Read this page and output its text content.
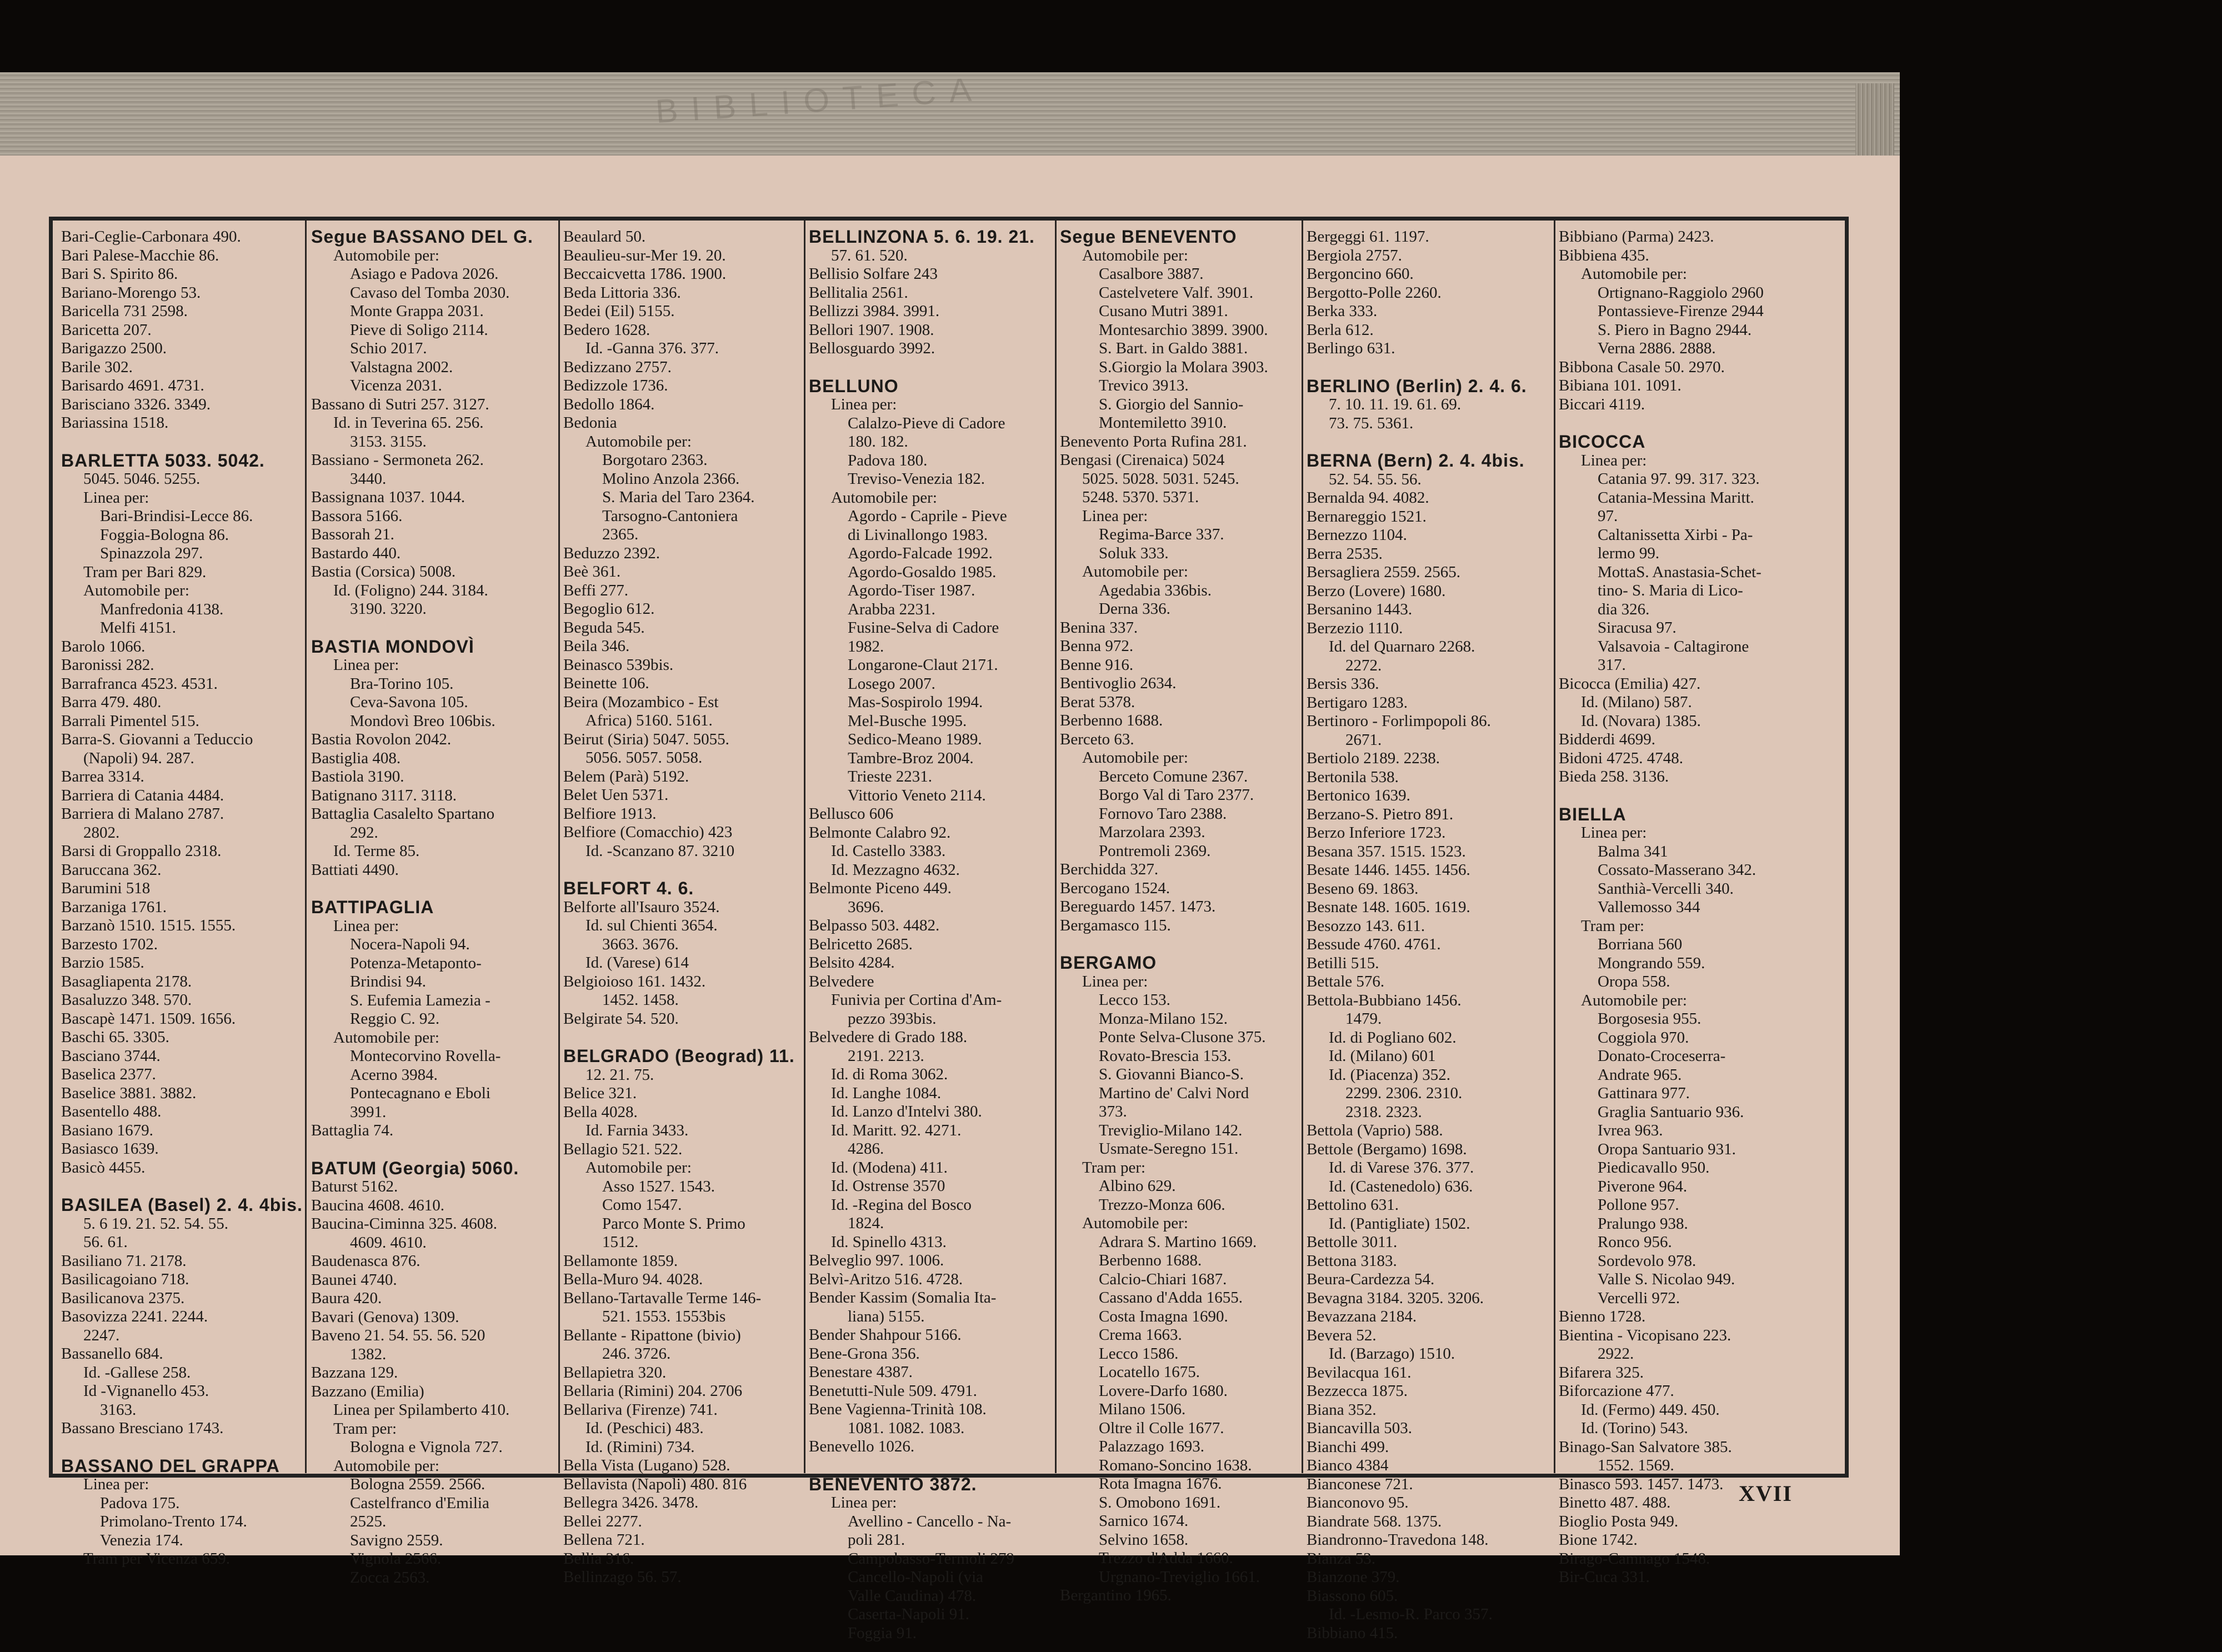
BIBLIOTECA
Bari-Ceglie-Carbonara 490.
Bari Palese-Macchie 86.
Bari S. Spirito 86.
Bariano-Morengo 53.
Baricella 731 2598.
Baricetta 207.
Barigazzo 2500.
Barile 302.
Barisardo 4691. 4731.
Barisciano 3326. 3349.
Bariassina 1518.
BARLETTA 5033. 5042.
5045. 5046. 5255.
Linea per:
Bari-Brindisi-Lecce 86.
Foggia-Bologna 86.
Spinazzola 297.
Tram per Bari 829.
Automobile per:
Manfredonia 4138.
Melfi 4151.
Barolo 1066.
Baronissi 282.
Barrafranca 4523. 4531.
Barra 479. 480.
Barrali Pimentel 515.
Barra-S. Giovanni a Teduccio
(Napoli) 94. 287.
Barrea 3314.
Barriera di Catania 4484.
Barriera di Malano 2787.
2802.
Barsi di Groppallo 2318.
Baruccana 362.
Barumini 518
Barzaniga 1761.
Barzanò 1510. 1515. 1555.
Barzesto 1702.
Barzio 1585.
Basagliapenta 2178.
Basaluzzo 348. 570.
Bascapè 1471. 1509. 1656.
Baschi 65. 3305.
Basciano 3744.
Baselica 2377.
Baselice 3881. 3882.
Basentello 488.
Basiano 1679.
Basiasco 1639.
Basicò 4455.
BASILEA (Basel) 2. 4. 4bis.
5. 6 19. 21. 52. 54. 55.
56. 61.
Basiliano 71. 2178.
Basilicagoiano 718.
Basilicanova 2375.
Basovizza 2241. 2244.
2247.
Bassanello 684.
Id. -Gallese 258.
Id -Vignanello 453.
3163.
Bassano Bresciano 1743.
BASSANO DEL GRAPPA
Linea per:
Padova 175.
Primolano-Trento 174.
Venezia 174.
Tram per Vicenza 659.
Segue BASSANO DEL G.
Automobile per:
Asiago e Padova 2026.
Cavaso del Tomba 2030.
Monte Grappa 2031.
Pieve di Soligo 2114.
Schio 2017.
Valstagna 2002.
Vicenza 2031.
Bassano di Sutri 257. 3127.
Id. in Teverina 65. 256.
3153. 3155.
Bassiano - Sermoneta 262.
3440.
Bassignana 1037. 1044.
Bassora 5166.
Bassorah 21.
Bastardo 440.
Bastia (Corsica) 5008.
Id. (Foligno) 244. 3184.
3190. 3220.
BASTIA MONDOVÌ
Linea per:
Bra-Torino 105.
Ceva-Savona 105.
Mondovì Breo 106bis.
Bastia Rovolon 2042.
Bastiglia 408.
Bastiola 3190.
Batignano 3117. 3118.
Battaglia Casalelto Spartano
292.
Id. Terme 85.
Battiati 4490.
BATTIPAGLIA
Linea per:
Nocera-Napoli 94.
Potenza-Metaponto-
Brindisi 94.
S. Eufemia Lamezia -
Reggio C. 92.
Automobile per:
Montecorvino Rovella-
Acerno 3984.
Pontecagnano e Eboli
3991.
Battaglia 74.
BATUM (Georgia) 5060.
Baturst 5162.
Baucina 4608. 4610.
Baucina-Ciminna 325. 4608.
4609. 4610.
Baudenasca 876.
Baunei 4740.
Baura 420.
Bavari (Genova) 1309.
Baveno 21. 54. 55. 56. 520
1382.
Bazzana 129.
Bazzano (Emilia)
Linea per Spilamberto 410.
Tram per:
Bologna e Vignola 727.
Automobile per:
Bologna 2559. 2566.
Castelfranco d'Emilia
2525.
Savigno 2559.
Vignola 2566.
Zocca 2563.
Beaulard 50.
Beaulieu-sur-Mer 19. 20.
Beccaicvetta 1786. 1900.
Beda Littoria 336.
Bedei (Eil) 5155.
Bedero 1628.
Id. -Ganna 376. 377.
Bedizzano 2757.
Bedizzole 1736.
Bedollo 1864.
Bedonia
Automobile per:
Borgotaro 2363.
Molino Anzola 2366.
S. Maria del Taro 2364.
Tarsogno-Cantoniera
2365.
Beduzzo 2392.
Beè 361.
Beffi 277.
Begoglio 612.
Beguda 545.
Beila 346.
Beinasco 539bis.
Beinette 106.
Beira (Mozambico - Est
Africa) 5160. 5161.
Beirut (Siria) 5047. 5055.
5056. 5057. 5058.
Belem (Parà) 5192.
Belet Uen 5371.
Belfiore 1913.
Belfiore (Comacchio) 423
Id. -Scanzano 87. 3210
BELFORT 4. 6.
Belforte all'Isauro 3524.
Id. sul Chienti 3654.
3663. 3676.
Id. (Varese) 614
Belgioioso 161. 1432.
1452. 1458.
Belgirate 54. 520.
BELGRADO (Beograd) 11.
12. 21. 75.
Belice 321.
Bella 4028.
Id. Farnia 3433.
Bellagio 521. 522.
Automobile per:
Asso 1527. 1543.
Como 1547.
Parco Monte S. Primo
1512.
Bellamonte 1859.
Bella-Muro 94. 4028.
Bellano-Tartavalle Terme 146-
521. 1553. 1553bis
Bellante - Ripattone (bivio)
246. 3726.
Bellapietra 320.
Bellaria (Rimini) 204. 2706
Bellariva (Firenze) 741.
Id. (Peschici) 483.
Id. (Rimini) 734.
Bella Vista (Lugano) 528.
Bellavista (Napoli) 480. 816
Bellegra 3426. 3478.
Bellei 2277.
Bellena 721.
Bellia 316.
Bellinzago 56. 57.
BELLINZONA 5. 6. 19. 21.
57. 61. 520.
Bellisio Solfare 243
Bellitalia 2561.
Bellizzi 3984. 3991.
Bellori 1907. 1908.
Bellosguardo 3992.
BELLUNO
Linea per:
Calalzo-Pieve di Cadore
180. 182.
Padova 180.
Treviso-Venezia 182.
Automobile per:
Agordo - Caprile - Pieve
di Livinallongo 1983.
Agordo-Falcade 1992.
Agordo-Gosaldo 1985.
Agordo-Tiser 1987.
Arabba 2231.
Fusine-Selva di Cadore
1982.
Longarone-Claut 2171.
Losego 2007.
Mas-Sospirolo 1994.
Mel-Busche 1995.
Sedico-Meano 1989.
Tambre-Broz 2004.
Trieste 2231.
Vittorio Veneto 2114.
Bellusco 606
Belmonte Calabro 92.
Id. Castello 3383.
Id. Mezzagno 4632.
Belmonte Piceno 449.
3696.
Belpasso 503. 4482.
Belricetto 2685.
Belsito 4284.
Belvedere
Funivia per Cortina d'Am-
pezzo 393bis.
Belvedere di Grado 188.
2191. 2213.
Id. di Roma 3062.
Id. Langhe 1084.
Id. Lanzo d'Intelvi 380.
Id. Maritt. 92. 4271.
4286.
Id. (Modena) 411.
Id. Ostrense 3570
Id. -Regina del Bosco
1824.
Id. Spinello 4313.
Belveglio 997. 1006.
Belvì-Aritzo 516. 4728.
Bender Kassim (Somalia Ita-
liana) 5155.
Bender Shahpour 5166.
Bene-Grona 356.
Benestare 4387.
Benetutti-Nule 509. 4791.
Bene Vagienna-Trinità 108.
1081. 1082. 1083.
Benevello 1026.
BENEVENTO 3872.
Linea per:
Avellino - Cancello - Na-
poli 281.
Campobasso-Termoli 279
Cancello-Napoli (via
Valle Caudina) 478.
Caserta-Napoli 91.
Foggia 91.
Segue BENEVENTO
Automobile per:
Casalbore 3887.
Castelvetere Valf. 3901.
Cusano Mutri 3891.
Montesarchio 3899. 3900.
S. Bart. in Galdo 3881.
S.Giorgio la Molara 3903.
Trevico 3913.
S. Giorgio del Sannio-
Montemiletto 3910.
Benevento Porta Rufina 281.
Bengasi (Cirenaica) 5024
5025. 5028. 5031. 5245.
5248. 5370. 5371.
Linea per:
Regima-Barce 337.
Soluk 333.
Automobile per:
Agedabia 336bis.
Derna 336.
Benina 337.
Benna 972.
Benne 916.
Bentivoglio 2634.
Berat 5378.
Berbenno 1688.
Berceto 63.
Automobile per:
Berceto Comune 2367.
Borgo Val di Taro 2377.
Fornovo Taro 2388.
Marzolara 2393.
Pontremoli 2369.
Berchidda 327.
Bercogano 1524.
Bereguardo 1457. 1473.
Bergamasco 115.
BERGAMO
Linea per:
Lecco 153.
Monza-Milano 152.
Ponte Selva-Clusone 375.
Rovato-Brescia 153.
S. Giovanni Bianco-S.
Martino de' Calvi Nord
373.
Treviglio-Milano 142.
Usmate-Seregno 151.
Tram per:
Albino 629.
Trezzo-Monza 606.
Automobile per:
Adrara S. Martino 1669.
Berbenno 1688.
Calcio-Chiari 1687.
Cassano d'Adda 1655.
Costa Imagna 1690.
Crema 1663.
Lecco 1586.
Locatello 1675.
Lovere-Darfo 1680.
Milano 1506.
Oltre il Colle 1677.
Palazzago 1693.
Romano-Soncino 1638.
Rota Imagna 1676.
S. Omobono 1691.
Sarnico 1674.
Selvino 1658.
Trezzo d'Adda 1660.
Urgnano-Treviglio 1661.
Bergantino 1965.
Bergeggi 61. 1197.
Bergiola 2757.
Bergoncino 660.
Bergotto-Polle 2260.
Berka 333.
Berla 612.
Berlingo 631.
BERLINO (Berlin) 2. 4. 6.
7. 10. 11. 19. 61. 69.
73. 75. 5361.
BERNA (Bern) 2. 4. 4bis.
52. 54. 55. 56.
Bernalda 94. 4082.
Bernareggio 1521.
Bernezzo 1104.
Berra 2535.
Bersagliera 2559. 2565.
Berzo (Lovere) 1680.
Bersanino 1443.
Berzezio 1110.
Id. del Quarnaro 2268.
2272.
Bersis 336.
Bertigaro 1283.
Bertinoro - Forlimpopoli 86.
2671.
Bertiolo 2189. 2238.
Bertonila 538.
Bertonico 1639.
Berzano-S. Pietro 891.
Berzo Inferiore 1723.
Besana 357. 1515. 1523.
Besate 1446. 1455. 1456.
Beseno 69. 1863.
Besnate 148. 1605. 1619.
Besozzo 143. 611.
Bessude 4760. 4761.
Betilli 515.
Bettale 576.
Bettola-Bubbiano 1456.
1479.
Id. di Pogliano 602.
Id. (Milano) 601
Id. (Piacenza) 352.
2299. 2306. 2310.
2318. 2323.
Bettola (Vaprio) 588.
Bettole (Bergamo) 1698.
Id. di Varese 376. 377.
Id. (Castenedolo) 636.
Bettolino 631.
Id. (Pantigliate) 1502.
Bettolle 3011.
Bettona 3183.
Beura-Cardezza 54.
Bevagna 3184. 3205. 3206.
Bevazzana 2184.
Bevera 52.
Id. (Barzago) 1510.
Bevilacqua 161.
Bezzecca 1875.
Biana 352.
Biancavilla 503.
Bianchi 499.
Bianco 4384
Bianconese 721.
Bianconovo 95.
Biandrate 568. 1375.
Biandronno-Travedona 148.
Bianza 53.
Bianzone 379.
Biassono 605.
Id. -Lesmo-R. Parco 357.
Bibbiano 415.
Bibbiano (Parma) 2423.
Bibbiena 435.
Automobile per:
Ortignano-Raggiolo 2960
Pontassieve-Firenze 2944
S. Piero in Bagno 2944.
Verna 2886. 2888.
Bibbona Casale 50. 2970.
Bibiana 101. 1091.
Biccari 4119.
BICOCCA
Linea per:
Catania 97. 99. 317. 323.
Catania-Messina Maritt.
97.
Caltanissetta Xirbi - Pa-
lermo 99.
MottaS. Anastasia-Schet-
tino- S. Maria di Lico-
dia 326.
Siracusa 97.
Valsavoia - Caltagirone
317.
Bicocca (Emilia) 427.
Id. (Milano) 587.
Id. (Novara) 1385.
Bidderdi 4699.
Bidoni 4725. 4748.
Bieda 258. 3136.
BIELLA
Linea per:
Balma 341
Cossato-Masserano 342.
Santhià-Vercelli 340.
Vallemosso 344
Tram per:
Borriana 560
Mongrando 559.
Oropa 558.
Automobile per:
Borgosesia 955.
Coggiola 970.
Donato-Croceserra-
Andrate 965.
Gattinara 977.
Graglia Santuario 936.
Ivrea 963.
Oropa Santuario 931.
Piedicavallo 950.
Piverone 964.
Pollone 957.
Pralungo 938.
Ronco 956.
Sordevolo 978.
Valle S. Nicolao 949.
Vercelli 972.
Bienno 1728.
Bientina - Vicopisano 223.
2922.
Bifarera 325.
Biforcazione 477.
Id. (Fermo) 449. 450.
Id. (Torino) 543.
Binago-San Salvatore 385.
1552. 1569.
Binasco 593. 1457. 1473.
Binetto 487. 488.
Bioglio Posta 949.
Bione 1742.
Birago-Camnago 1548.
Bir-Cuca 331.
XVII
